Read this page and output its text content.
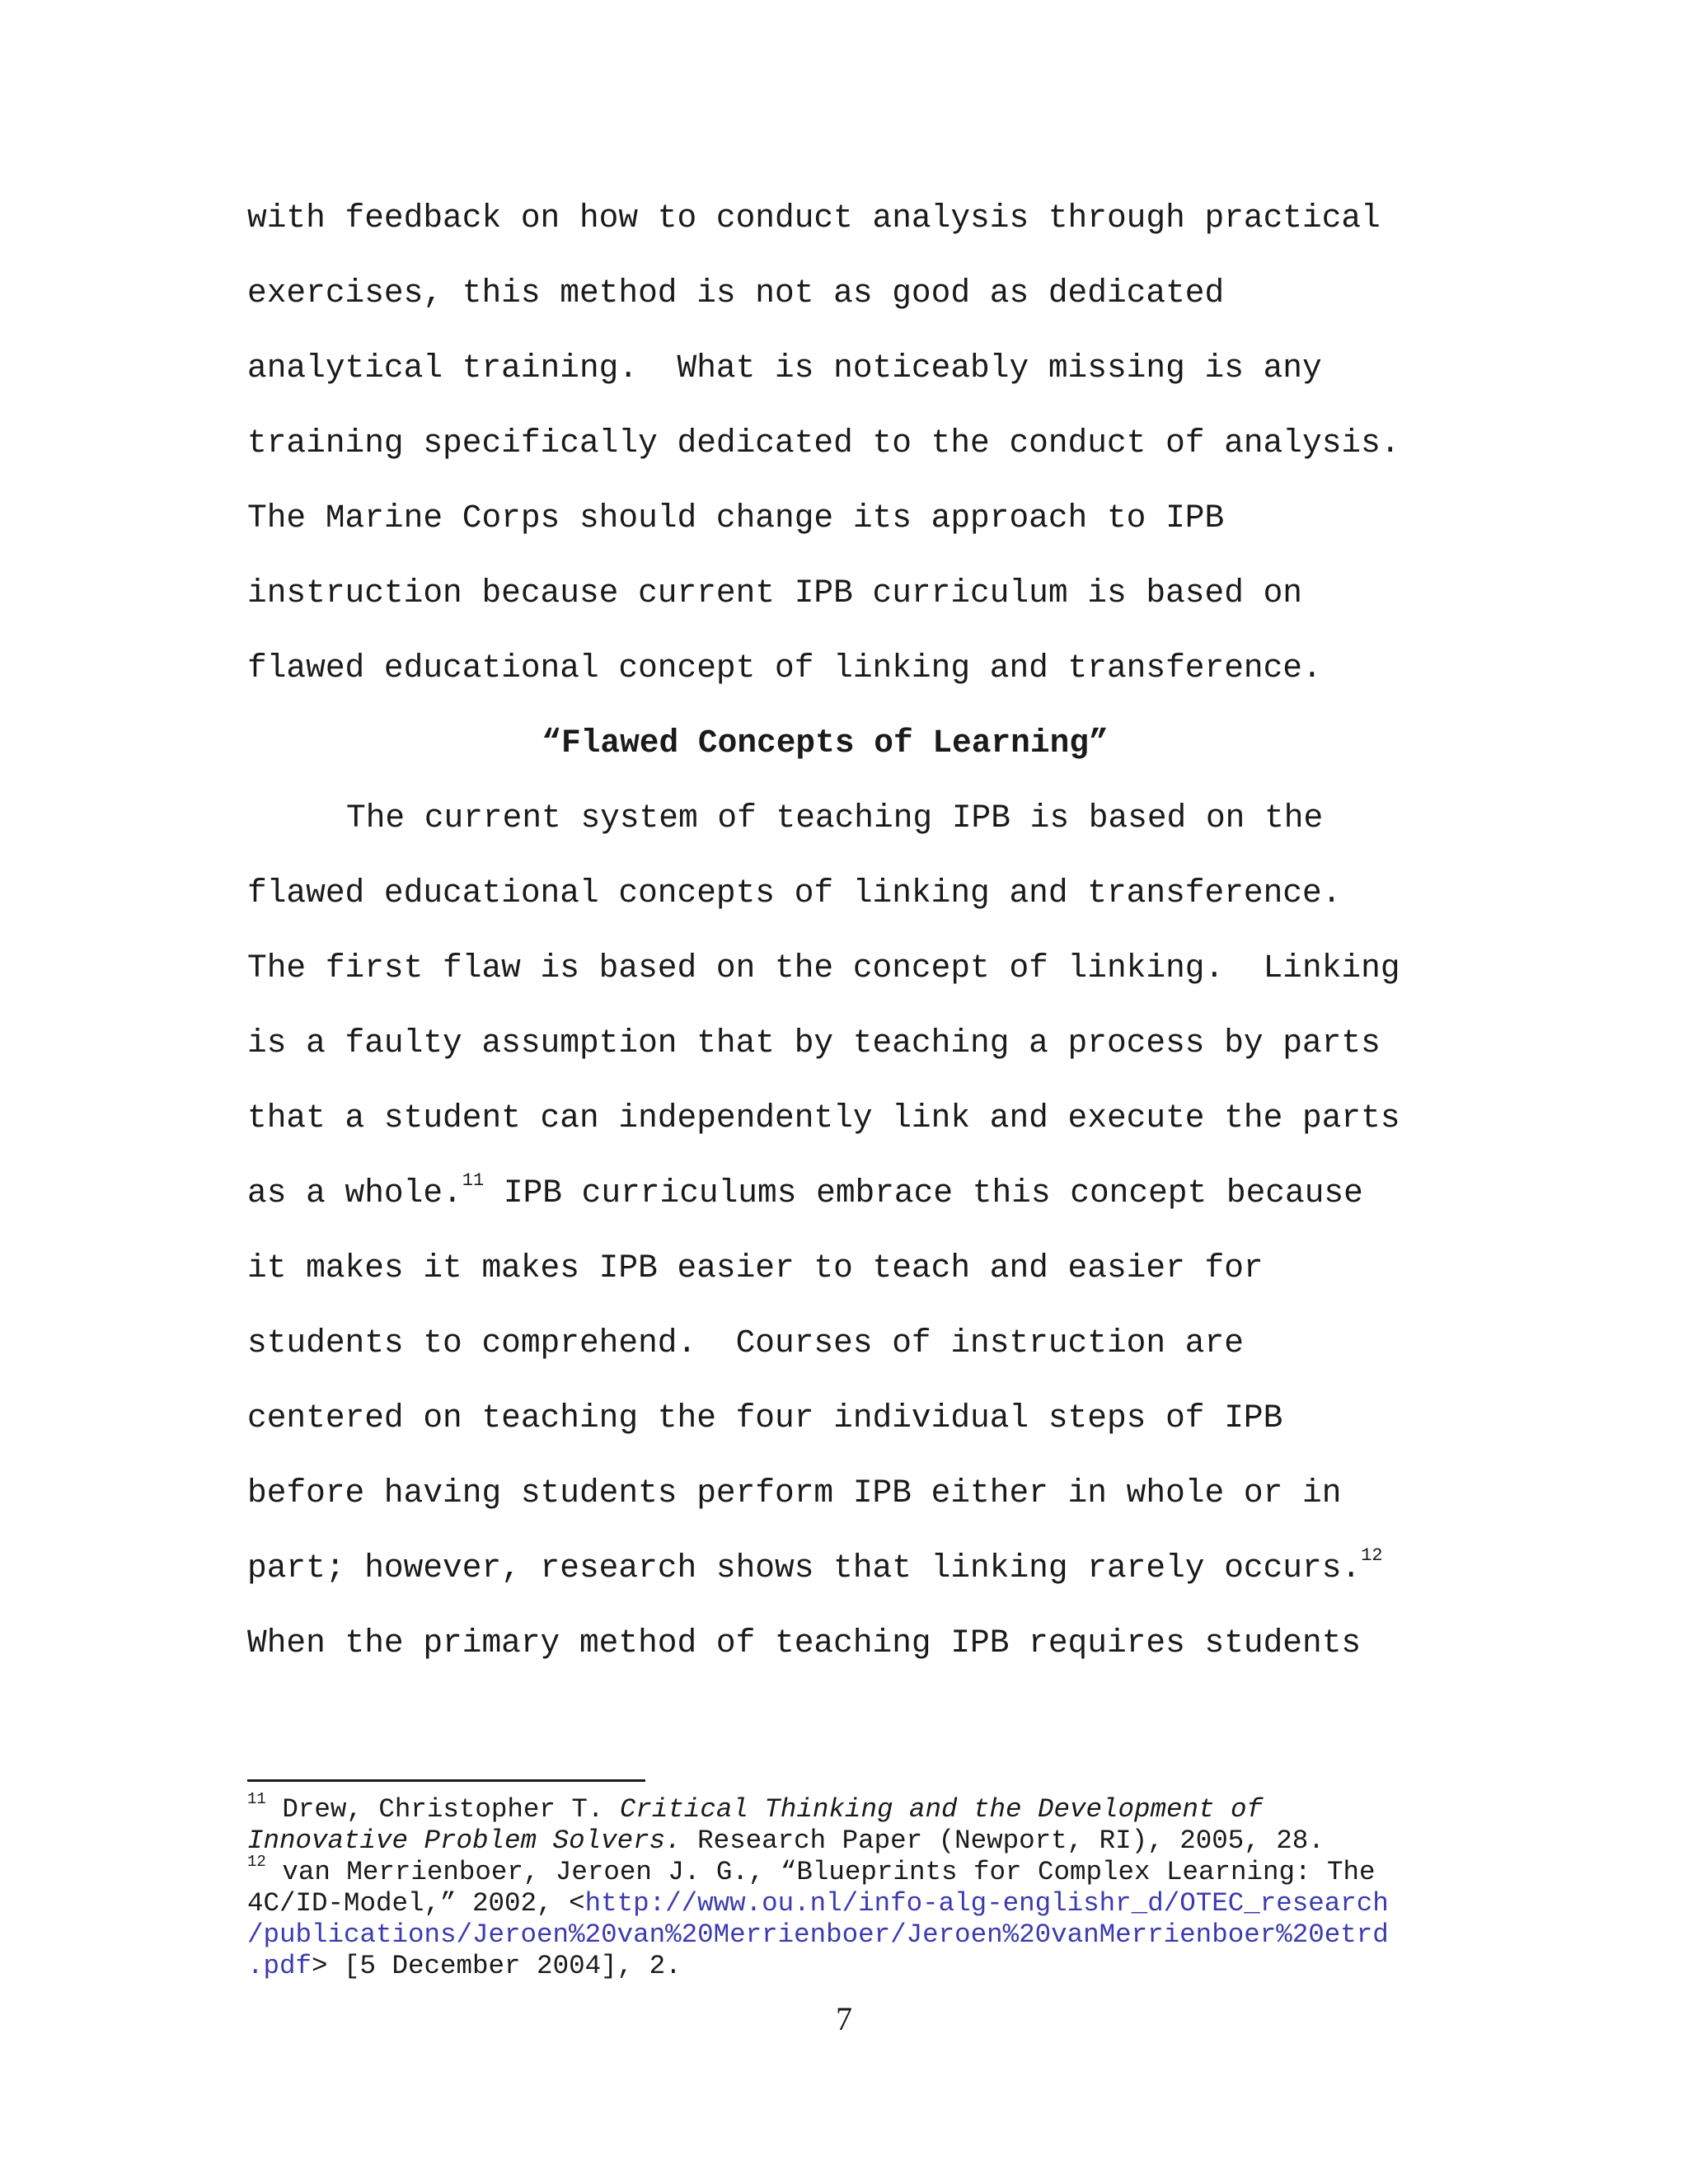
with feedback on how to conduct analysis through practical
exercises, this method is not as good as dedicated
analytical training.  What is noticeably missing is any
training specifically dedicated to the conduct of analysis.
The Marine Corps should change its approach to IPB
instruction because current IPB curriculum is based on
flawed educational concept of linking and transference.
“Flawed Concepts of Learning”
The current system of teaching IPB is based on the
flawed educational concepts of linking and transference.
The first flaw is based on the concept of linking.  Linking
is a faulty assumption that by teaching a process by parts
that a student can independently link and execute the parts
as a whole.$^{11}$ IPB curriculums embrace this concept because
it makes it makes IPB easier to teach and easier for
students to comprehend.  Courses of instruction are
centered on teaching the four individual steps of IPB
before having students perform IPB either in whole or in
part; however, research shows that linking rarely occurs.$^{12}$
When the primary method of teaching IPB requires students
$^{11}$ Drew, Christopher T. Critical Thinking and the Development of
Innovative Problem Solvers. Research Paper (Newport, RI), 2005, 28.
$^{12}$ van Merrienboer, Jeroen J. G., “Blueprints for Complex Learning: The
4C/ID-Model,” 2002, <http://www.ou.nl/info-alg-englishr_d/OTEC_research
/publications/Jeroen%20van%20Merrienboer/Jeroen%20vanMerrienboer%20etrd
.pdf> [5 December 2004], 2.
7
